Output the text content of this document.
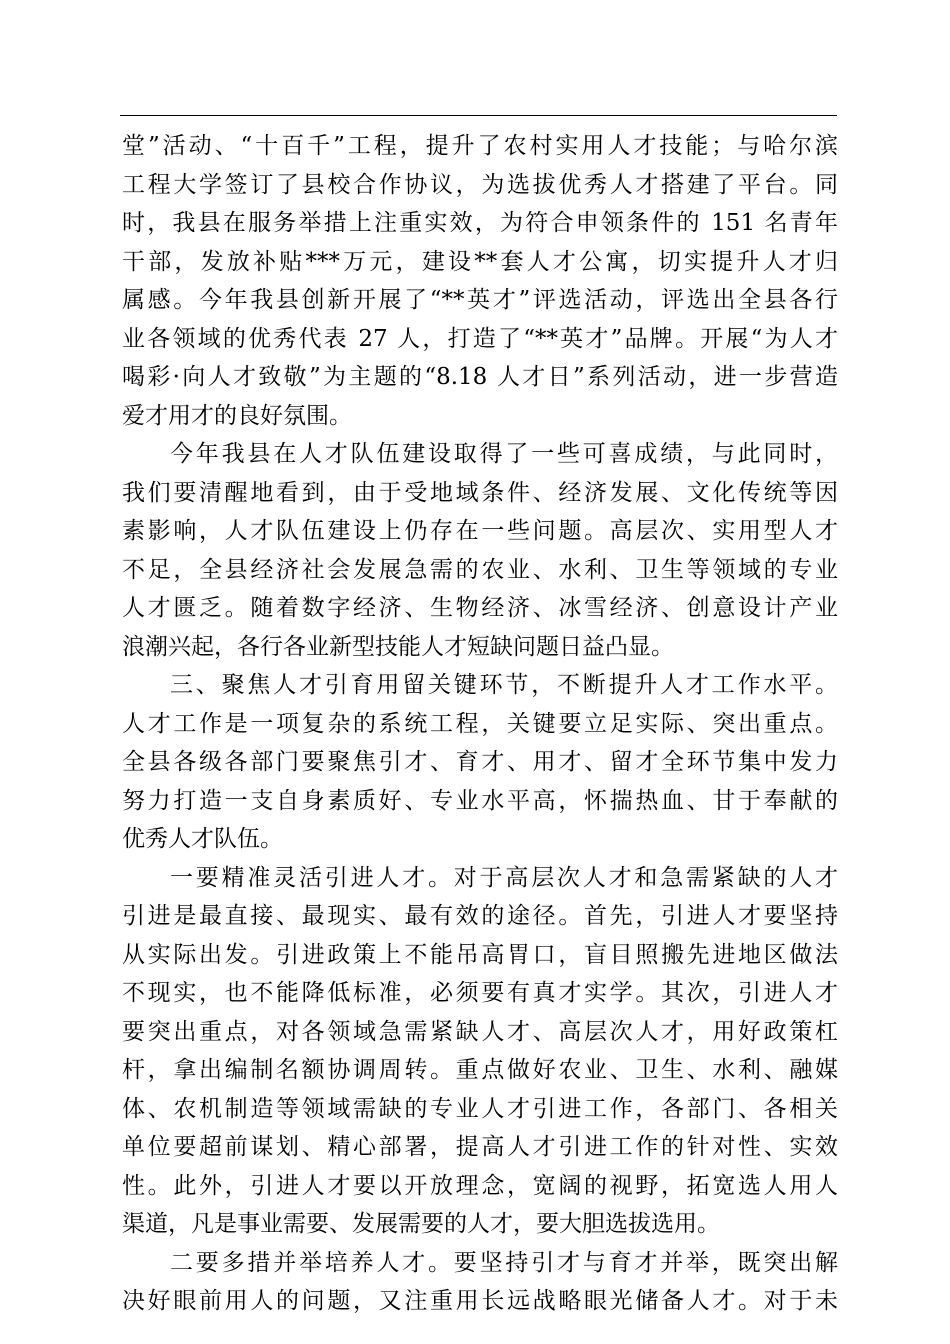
堂”活动、“十百千”工程，提升了农村实用人才技能；与哈尔滨
工程大学签订了县校合作协议，为选拔优秀人才搭建了平台。同
时，我县在服务举措上注重实效，为符合申领条件的 151 名青年
干部，发放补贴***万元，建设**套人才公寓，切实提升人才归
属感。今年我县创新开展了“**英才”评选活动，评选出全县各行
业各领域的优秀代表 27 人，打造了“**英才”品牌。开展“为人才
喝彩·向人才致敬”为主题的“8.18 人才日”系列活动，进一步营造
爱才用才的良好氛围。
今年我县在人才队伍建设取得了一些可喜成绩，与此同时，
我们要清醒地看到，由于受地域条件、经济发展、文化传统等因
素影响，人才队伍建设上仍存在一些问题。高层次、实用型人才
不足，全县经济社会发展急需的农业、水利、卫生等领域的专业
人才匮乏。随着数字经济、生物经济、冰雪经济、创意设计产业
浪潮兴起，各行各业新型技能人才短缺问题日益凸显。
三、聚焦人才引育用留关键环节，不断提升人才工作水平。
人才工作是一项复杂的系统工程，关键要立足实际、突出重点。
全县各级各部门要聚焦引才、育才、用才、留才全环节集中发力
努力打造一支自身素质好、专业水平高，怀揣热血、甘于奉献的
优秀人才队伍。
一要精准灵活引进人才。对于高层次人才和急需紧缺的人才
引进是最直接、最现实、最有效的途径。首先，引进人才要坚持
从实际出发。引进政策上不能吊高胃口，盲目照搬先进地区做法
不现实，也不能降低标准，必须要有真才实学。其次，引进人才
要突出重点，对各领域急需紧缺人才、高层次人才，用好政策杠
杆，拿出编制名额协调周转。重点做好农业、卫生、水利、融媒
体、农机制造等领域需缺的专业人才引进工作，各部门、各相关
单位要超前谋划、精心部署，提高人才引进工作的针对性、实效
性。此外，引进人才要以开放理念，宽阔的视野，拓宽选人用人
渠道，凡是事业需要、发展需要的人才，要大胆选拔选用。
二要多措并举培养人才。要坚持引才与育才并举，既突出解
决好眼前用人的问题，又注重用长远战略眼光储备人才。对于未
